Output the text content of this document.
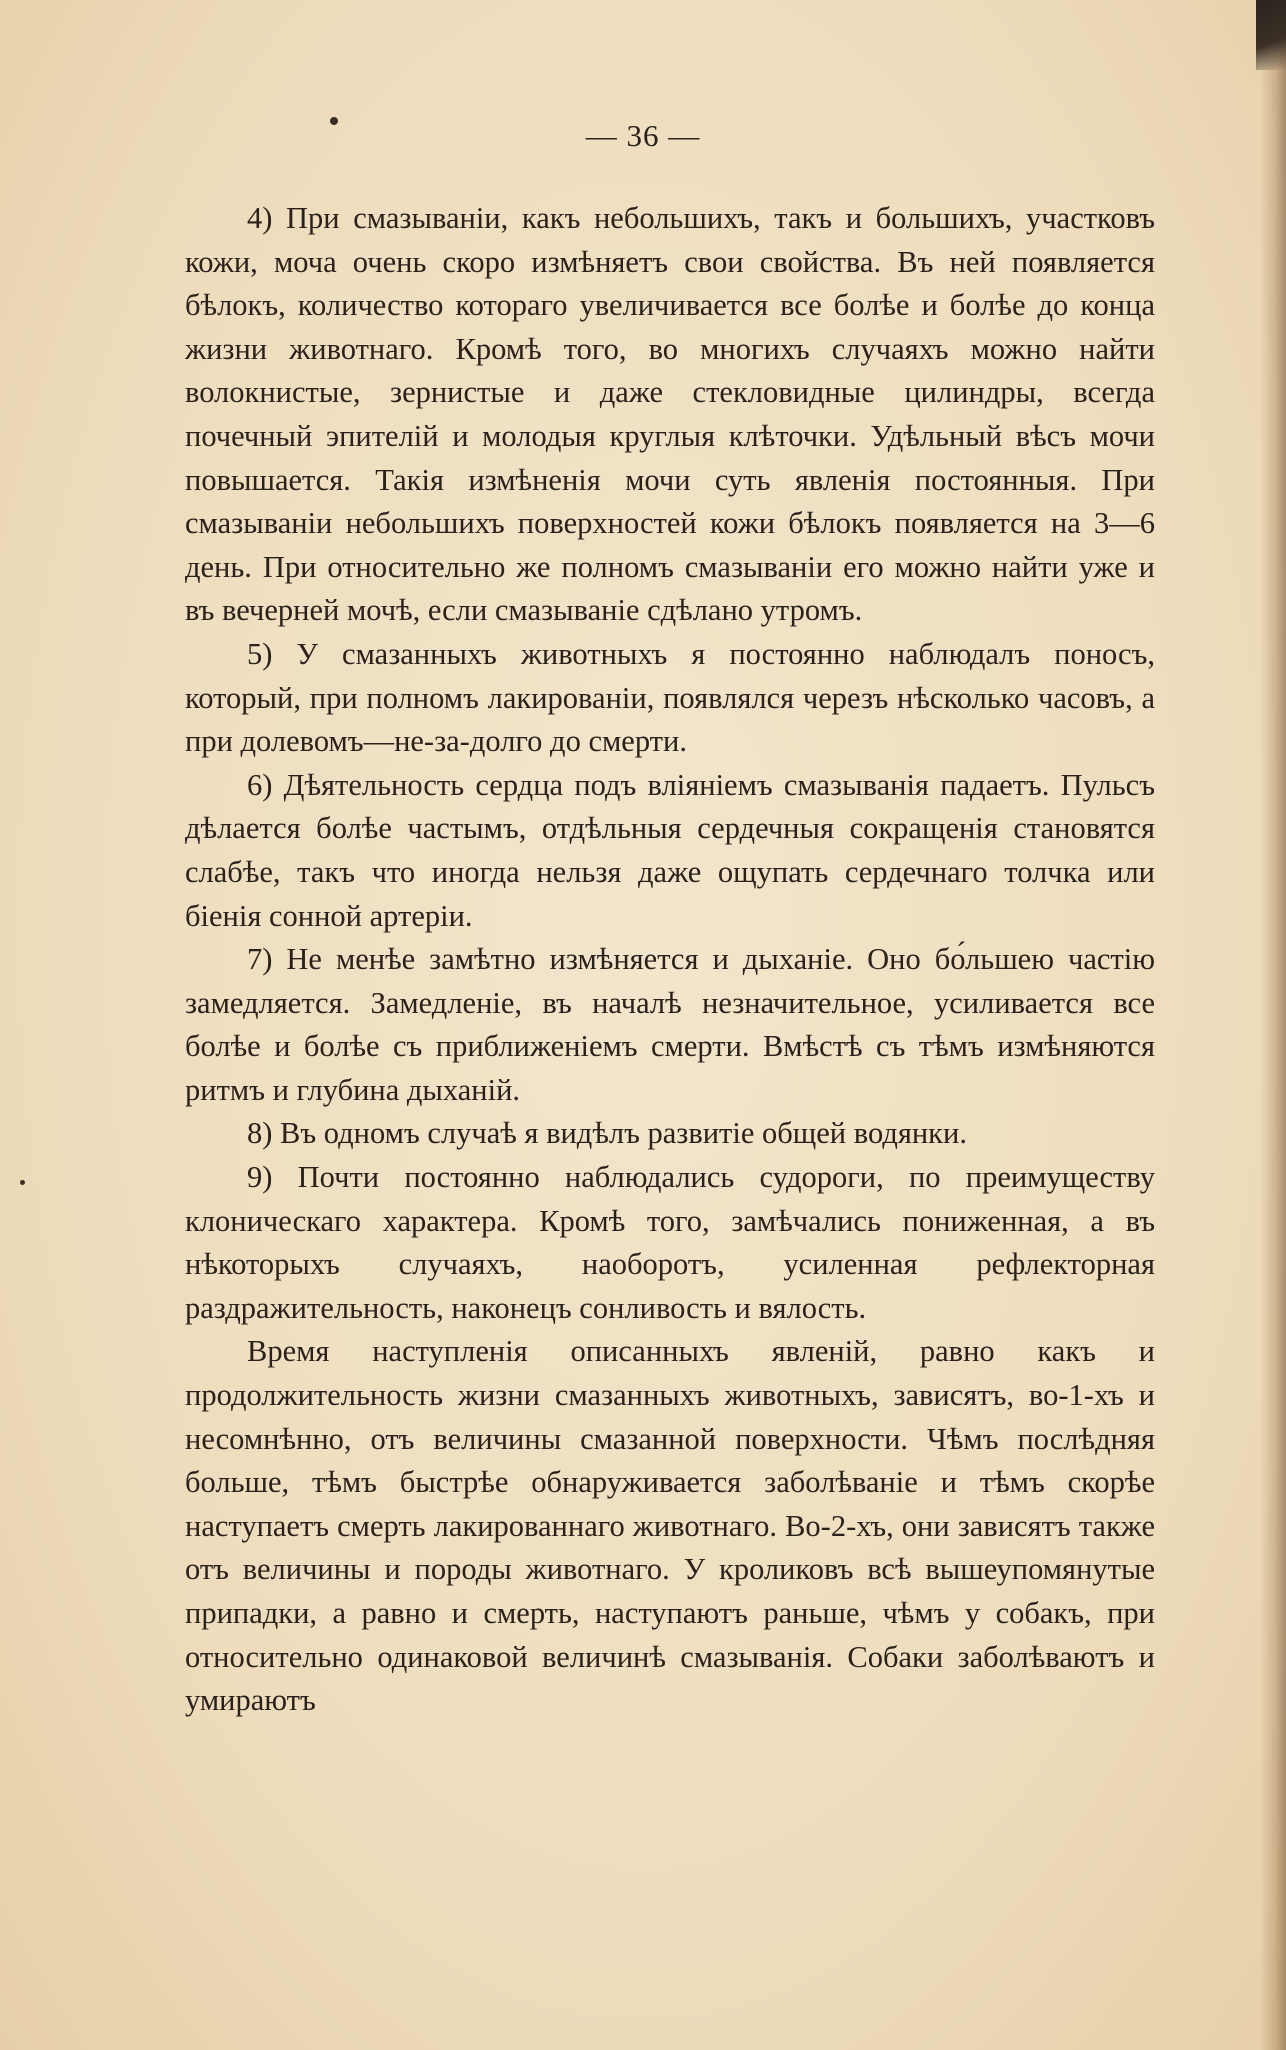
— 36 —

4) При смазываніи, какъ небольшихъ, такъ и большихъ, участковъ кожи, моча очень скоро измѣняетъ свои свойства. Въ ней появляется бѣлокъ, количество котораго увеличивается все болѣе и болѣе до конца жизни животнаго. Кромѣ того, во многихъ случаяхъ можно найти волокнистые, зернистые и даже стекловидные цилиндры, всегда почечный эпителій и молодыя круглыя клѣточки. Удѣльный вѣсъ мочи повышается. Такія измѣненія мочи суть явленія постоянныя. При смазываніи небольшихъ поверхностей кожи бѣлокъ появляется на 3—6 день. При относительно же полномъ смазываніи его можно найти уже и въ вечерней мочѣ, если смазываніе сдѣлано утромъ.

5) У смазанныхъ животныхъ я постоянно наблюдалъ поносъ, который, при полномъ лакированіи, появлялся черезъ нѣсколько часовъ, а при долевомъ—не-за-долго до смерти.

6) Дѣятельность сердца подъ вліяніемъ смазыванія падаетъ. Пульсъ дѣлается болѣе частымъ, отдѣльныя сердечныя сокращенія становятся слабѣе, такъ что иногда нельзя даже ощупать сердечнаго толчка или біенія сонной артеріи.

7) Не менѣе замѣтно измѣняется и дыханіе. Оно бо́льшею частію замедляется. Замедленіе, въ началѣ незначительное, усиливается все болѣе и болѣе съ приближеніемъ смерти. Вмѣстѣ съ тѣмъ измѣняются ритмъ и глубина дыханій.

8) Въ одномъ случаѣ я видѣлъ развитіе общей водянки.

9) Почти постоянно наблюдались судороги, по преимуществу клоническаго характера. Кромѣ того, замѣчались пониженная, а въ нѣкоторыхъ случаяхъ, наоборотъ, усиленная рефлекторная раздражительность, наконецъ сонливость и вялость.

Время наступленія описанныхъ явленій, равно какъ и продолжительность жизни смазанныхъ животныхъ, зависятъ, во-1-хъ и несомнѣнно, отъ величины смазанной поверхности. Чѣмъ послѣдняя больше, тѣмъ быстрѣе обнаруживается заболѣваніе и тѣмъ скорѣе наступаетъ смерть лакированнаго животнаго. Во-2-хъ, они зависятъ также отъ величины и породы животнаго. У кроликовъ всѣ вышеупомянутые припадки, а равно и смерть, наступаютъ раньше, чѣмъ у собакъ, при относительно одинаковой величинѣ смазыванія. Собаки заболѣваютъ и умираютъ
